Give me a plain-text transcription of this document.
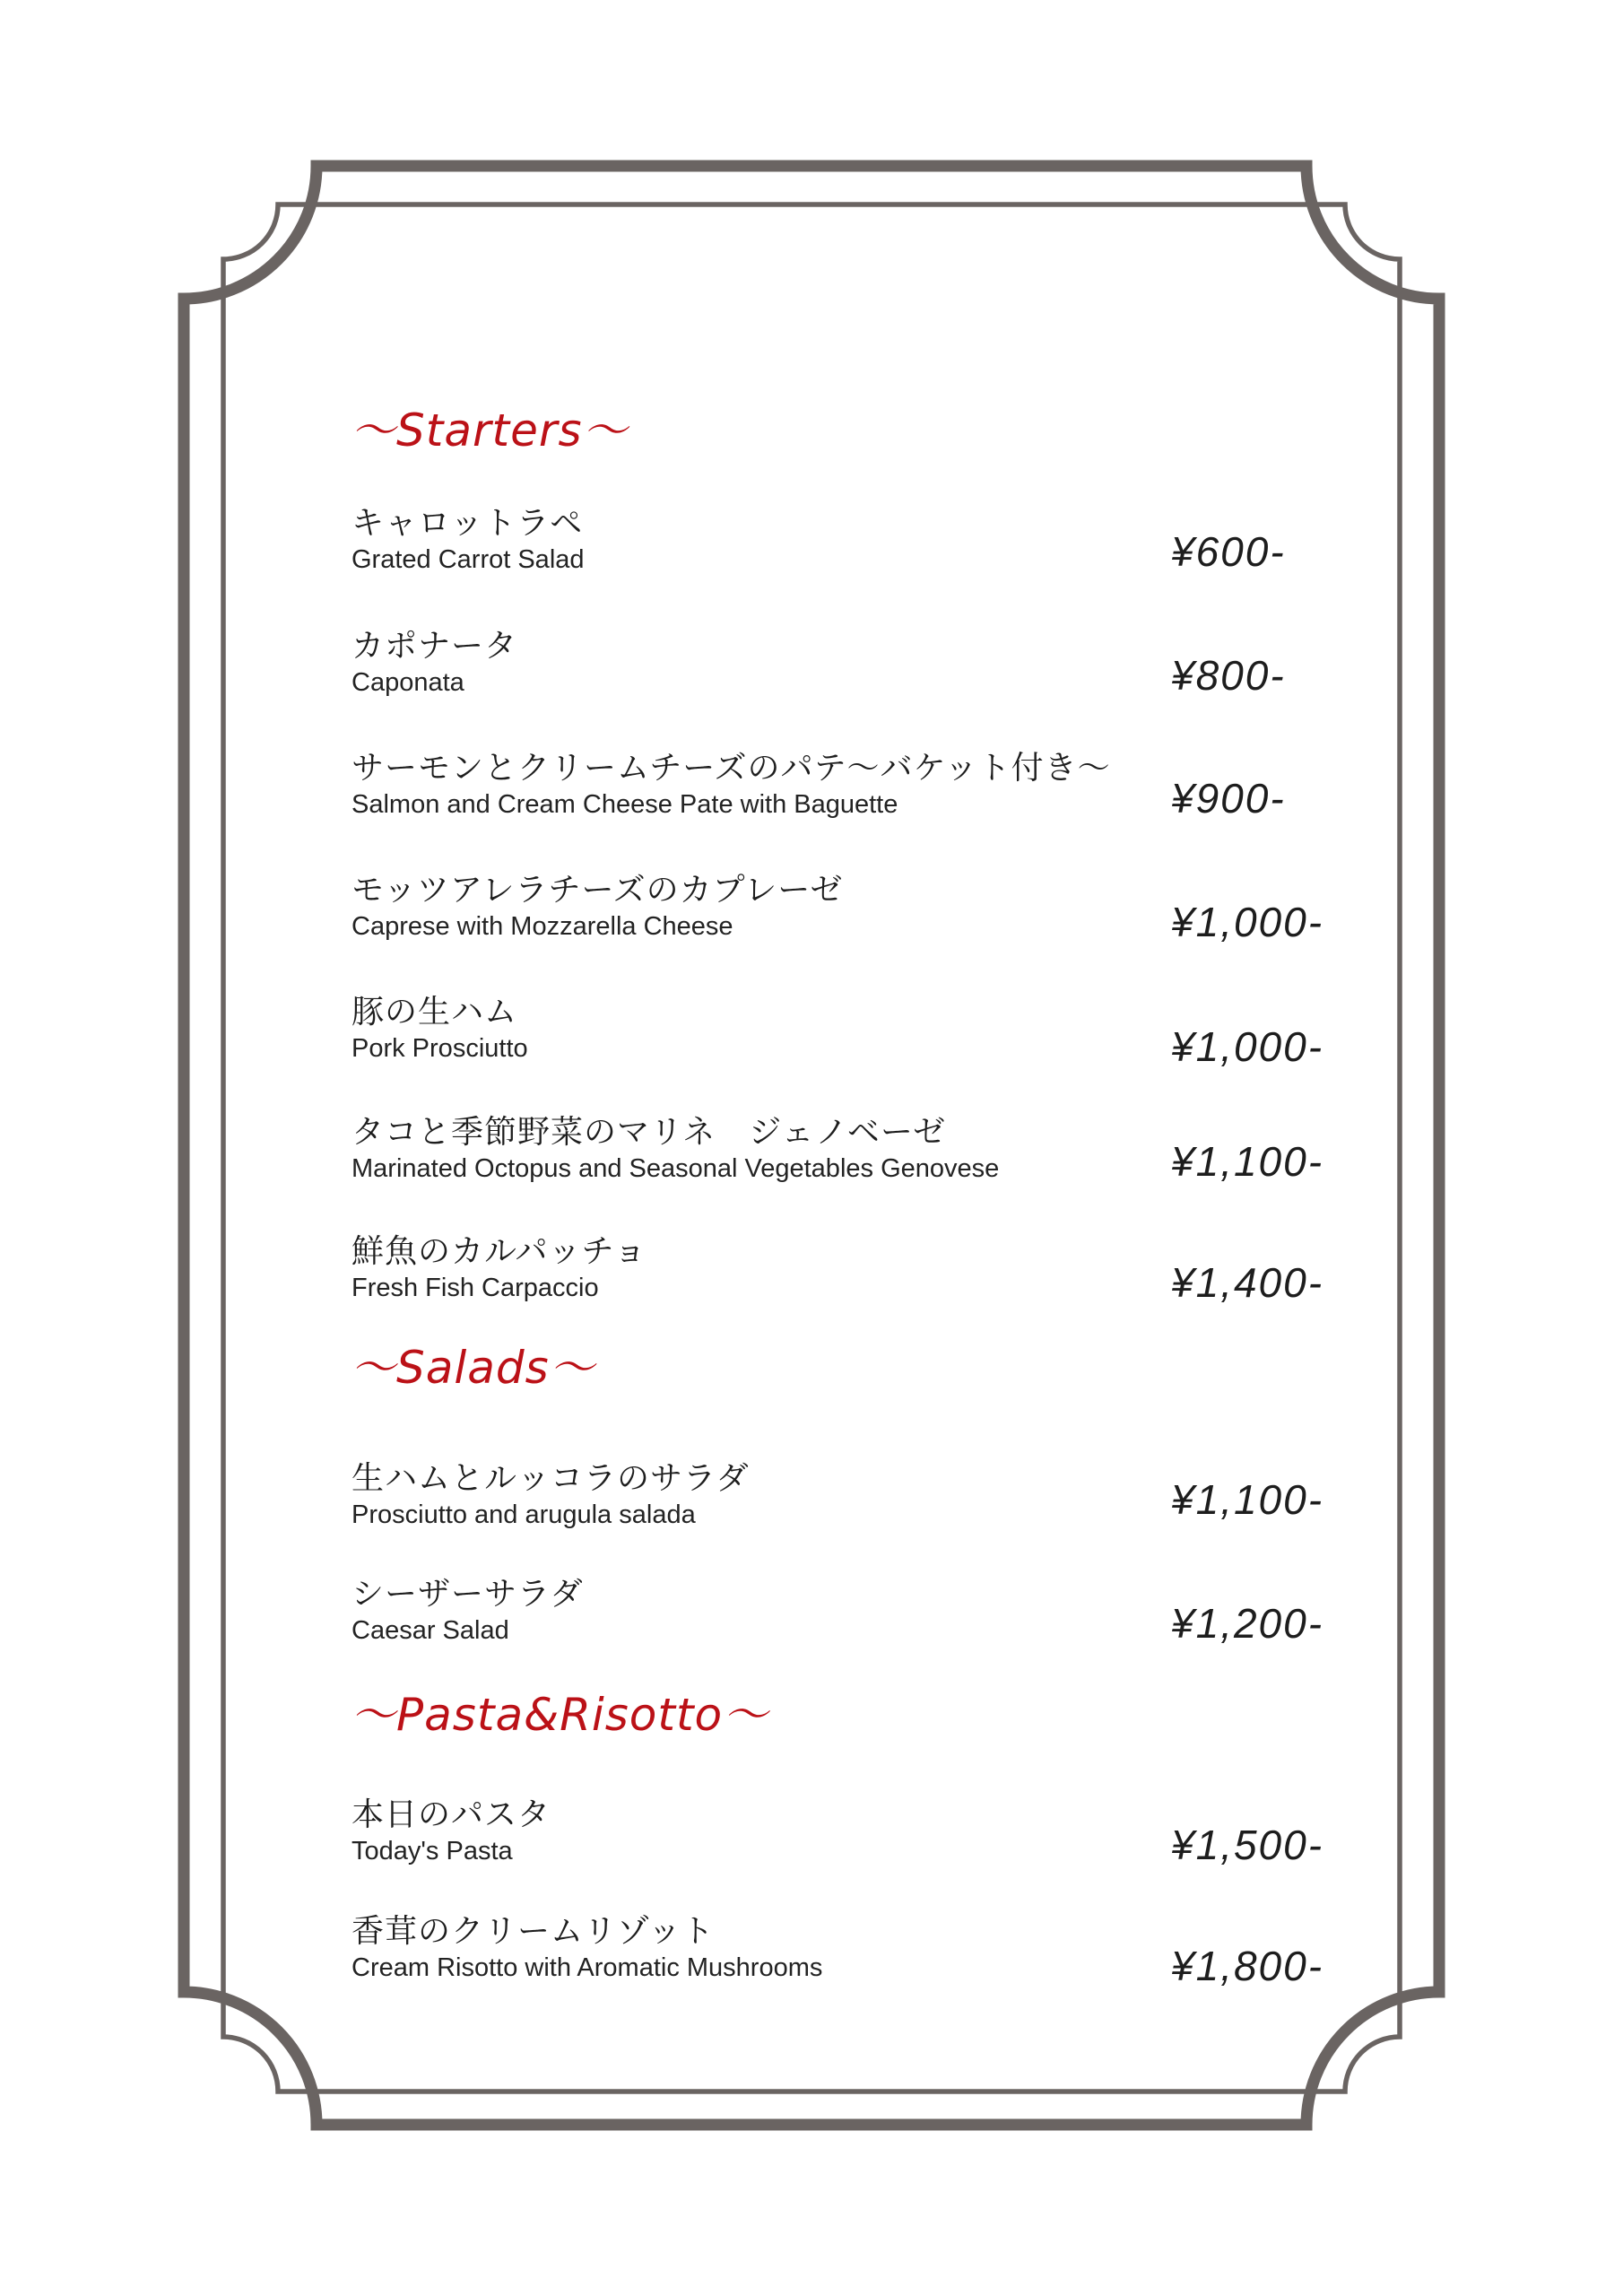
～Starters～
キャロットラペ
Grated Carrot Salad	¥600-
カポナータ
Caponata	¥800-
サーモンとクリームチーズのパテ〜バケット付き〜
Salmon and Cream Cheese Pate with Baguette	¥900-
モッツアレラチーズのカプレーゼ
Caprese with Mozzarella Cheese	¥1,000-
豚の生ハム
Pork Prosciutto	¥1,000-
タコと季節野菜のマリネ　ジェノベーゼ
Marinated Octopus and Seasonal Vegetables Genovese	¥1,100-
鮮魚のカルパッチョ
Fresh Fish Carpaccio	¥1,400-
～Salads～
生ハムとルッコラのサラダ
Prosciutto and arugula salada	¥1,100-
シーザーサラダ
Caesar Salad	¥1,200-
～Pasta&Risotto～
本日のパスタ
Today's Pasta	¥1,500-
香茸のクリームリゾット
Cream Risotto with Aromatic Mushrooms	¥1,800-
